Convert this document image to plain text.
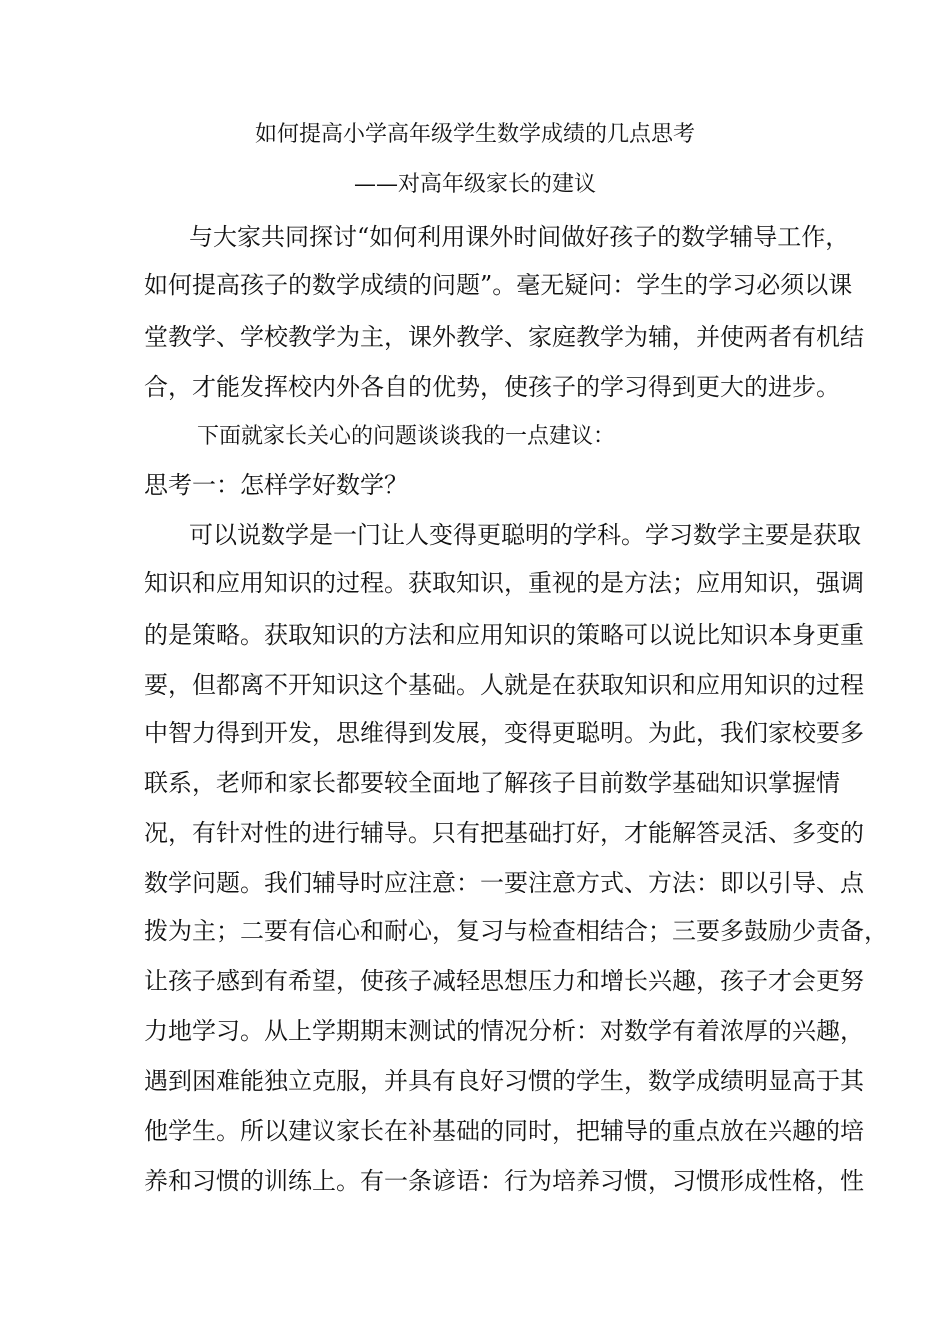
如何提高小学高年级学生数学成绩的几点思考
——对高年级家长的建议
与大家共同探讨“如何利用课外时间做好孩子的数学辅导工作，
如何提高孩子的数学成绩的问题”。毫无疑问：学生的学习必须以课
堂教学、学校教学为主，课外教学、家庭教学为辅，并使两者有机结
合，才能发挥校内外各自的优势，使孩子的学习得到更大的进步。
下面就家长关心的问题谈谈我的一点建议：
思考一：怎样学好数学？
可以说数学是一门让人变得更聪明的学科。学习数学主要是获取
知识和应用知识的过程。获取知识，重视的是方法；应用知识，强调
的是策略。获取知识的方法和应用知识的策略可以说比知识本身更重
要，但都离不开知识这个基础。人就是在获取知识和应用知识的过程
中智力得到开发，思维得到发展，变得更聪明。为此，我们家校要多
联系，老师和家长都要较全面地了解孩子目前数学基础知识掌握情
况，有针对性的进行辅导。只有把基础打好，才能解答灵活、多变的
数学问题。我们辅导时应注意：一要注意方式、方法：即以引导、点
拨为主；二要有信心和耐心，复习与检查相结合；三要多鼓励少责备，
让孩子感到有希望，使孩子减轻思想压力和增长兴趣，孩子才会更努
力地学习。从上学期期末测试的情况分析：对数学有着浓厚的兴趣，
遇到困难能独立克服，并具有良好习惯的学生，数学成绩明显高于其
他学生。所以建议家长在补基础的同时，把辅导的重点放在兴趣的培
养和习惯的训练上。有一条谚语：行为培养习惯，习惯形成性格，性
